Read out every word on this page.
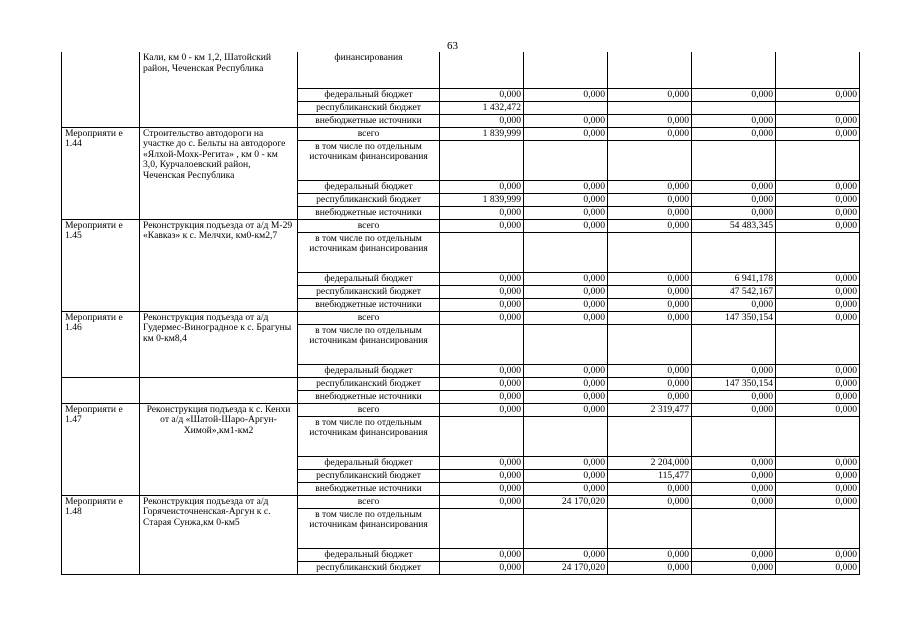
63
	Кали, км 0 - км 1,2, Шатойский район, Чеченская Республика	финансирования					
		федеральный бюджет	0,000	0,000	0,000	0,000	0,000
		республиканский бюджет	1 432,472				
		внебюджетные источники	0,000	0,000	0,000	0,000	0,000
Мероприяти е 1.44	Строительство автодороги на участке до с. Бельты на автодороге «Ялхой-Мохк-Регита» , км 0 - км 3,0, Курчалоевский район, Чеченская Республика	всего	1 839,999	0,000	0,000	0,000	0,000
		в том числе по отдельным источникам финансирования					
		федеральный бюджет	0,000	0,000	0,000	0,000	0,000
		республиканский бюджет	1 839,999	0,000	0,000	0,000	0,000
		внебюджетные источники	0,000	0,000	0,000	0,000	0,000
Мероприяти е 1.45	Реконструкция подъезда от а/д М-29 «Кавказ» к с. Мелчхи, км0-км2,7	всего	0,000	0,000	0,000	54 483,345	0,000
		в том числе по отдельным источникам финансирования					
		федеральный бюджет	0,000	0,000	0,000	6 941,178	0,000
		республиканский бюджет	0,000	0,000	0,000	47 542,167	0,000
		внебюджетные источники	0,000	0,000	0,000	0,000	0,000
Мероприяти е 1.46	Реконструкция подъезда от а/д Гудермес-Виноградное к с. Брагуны км 0-км8,4	всего	0,000	0,000	0,000	147 350,154	0,000
		в том числе по отдельным источникам финансирования					
		федеральный бюджет	0,000	0,000	0,000	0,000	0,000
		республиканский бюджет	0,000	0,000	0,000	147 350,154	0,000
		внебюджетные источники	0,000	0,000	0,000	0,000	0,000
Мероприяти е 1.47	Реконструкция подъезда к с. Кенхи от а/д «Шатой-Шаро-Аргун-Химой»,км1-км2	всего	0,000	0,000	2 319,477	0,000	0,000
		в том числе по отдельным источникам финансирования					
		федеральный бюджет	0,000	0,000	2 204,000	0,000	0,000
		республиканский бюджет	0,000	0,000	115,477	0,000	0,000
		внебюджетные источники	0,000	0,000	0,000	0,000	0,000
Мероприяти е 1.48	Реконструкция подъезда от а/д Горячеисточненская-Аргун к с. Старая Сунжа,км 0-км5	всего	0,000	24 170,020	0,000	0,000	0,000
		в том числе по отдельным источникам финансирования					
		федеральный бюджет	0,000	0,000	0,000	0,000	0,000
		республиканский бюджет	0,000	24 170,020	0,000	0,000	0,000
